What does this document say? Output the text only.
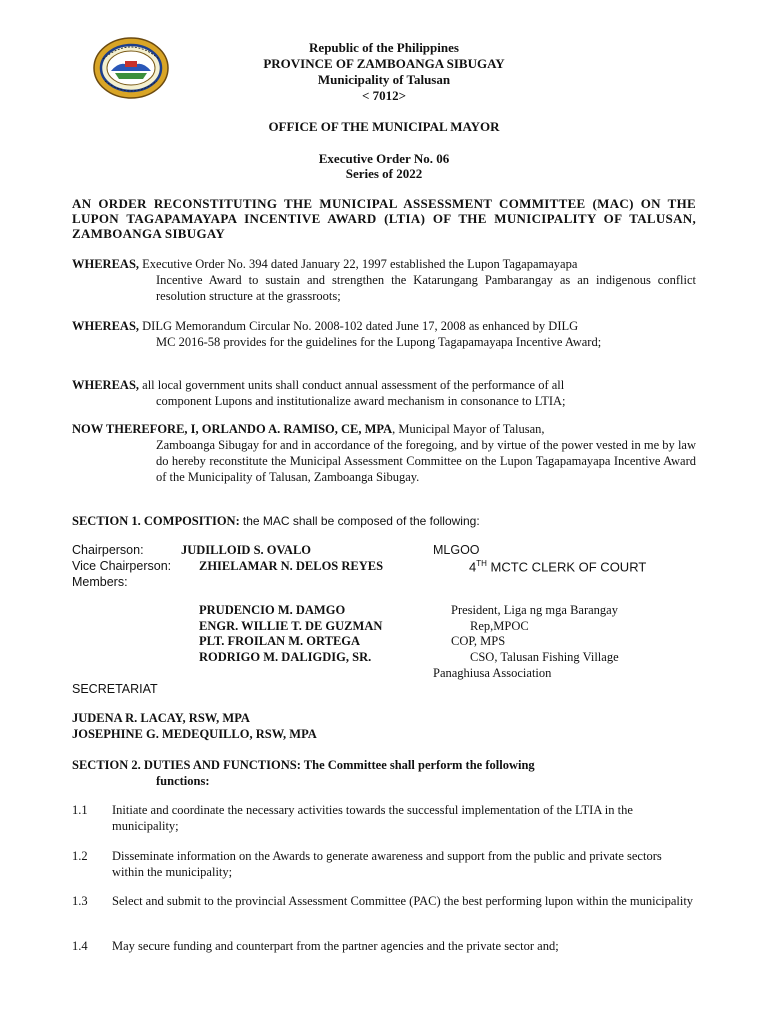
Republic of the Philippines
PROVINCE OF ZAMBOANGA SIBUGAY
Municipality of Talusan
< 7012>
OFFICE OF THE MUNICIPAL MAYOR
Executive Order No. 06
Series of 2022
AN ORDER RECONSTITUTING THE MUNICIPAL ASSESSMENT COMMITTEE (MAC) ON THE LUPON TAGAPAMAYAPA INCENTIVE AWARD (LTIA) OF THE MUNICIPALITY OF TALUSAN, ZAMBOANGA SIBUGAY
WHEREAS, Executive Order No. 394 dated January 22, 1997 established the Lupon Tagapamayapa
Incentive Award to sustain and strengthen the Katarungang Pambarangay as an indigenous conflict resolution structure at the grassroots;
WHEREAS, DILG Memorandum Circular No. 2008-102 dated June 17, 2008 as enhanced by DILG
MC 2016-58 provides for the guidelines for the Lupong Tagapamayapa Incentive Award;
WHEREAS, all local government units shall conduct annual assessment of the performance of all
component Lupons and institutionalize award mechanism in consonance to LTIA;
NOW THEREFORE, I, ORLANDO A. RAMISO, CE, MPA, Municipal Mayor of Talusan,
Zamboanga Sibugay for and in accordance of the foregoing, and by virtue of the power vested in me by law do hereby reconstitute the Municipal Assessment Committee on the Lupon Tagapamayapa Incentive Award of the Municipality of Talusan, Zamboanga Sibugay.
SECTION 1. COMPOSITION: the MAC shall be composed of the following:
Chairperson:	JUDILLOID S. OVALO	MLGOO
Vice Chairperson: ZHIELAMAR N. DELOS REYES	4TH MCTC CLERK OF COURT
Members:
PRUDENCIO M. DAMGO	President, Liga ng mga Barangay
ENGR. WILLIE T. DE GUZMAN	Rep,MPOC
PLT. FROILAN M. ORTEGA	COP, MPS
RODRIGO M. DALIGDIG, SR.	CSO, Talusan Fishing Village
Panaghiusa Association
SECRETARIAT
JUDENA R. LACAY, RSW, MPA
JOSEPHINE G. MEDEQUILLO, RSW, MPA
SECTION 2. DUTIES AND FUNCTIONS: The Committee shall perform the following
functions:
1.1 Initiate and coordinate the necessary activities towards the successful implementation of the LTIA in the municipality;
1.2 Disseminate information on the Awards to generate awareness and support from the public and private sectors within the municipality;
1.3 Select and submit to the provincial Assessment Committee (PAC) the best performing lupon within the municipality
1.4 May secure funding and counterpart from the partner agencies and the private sector and;
